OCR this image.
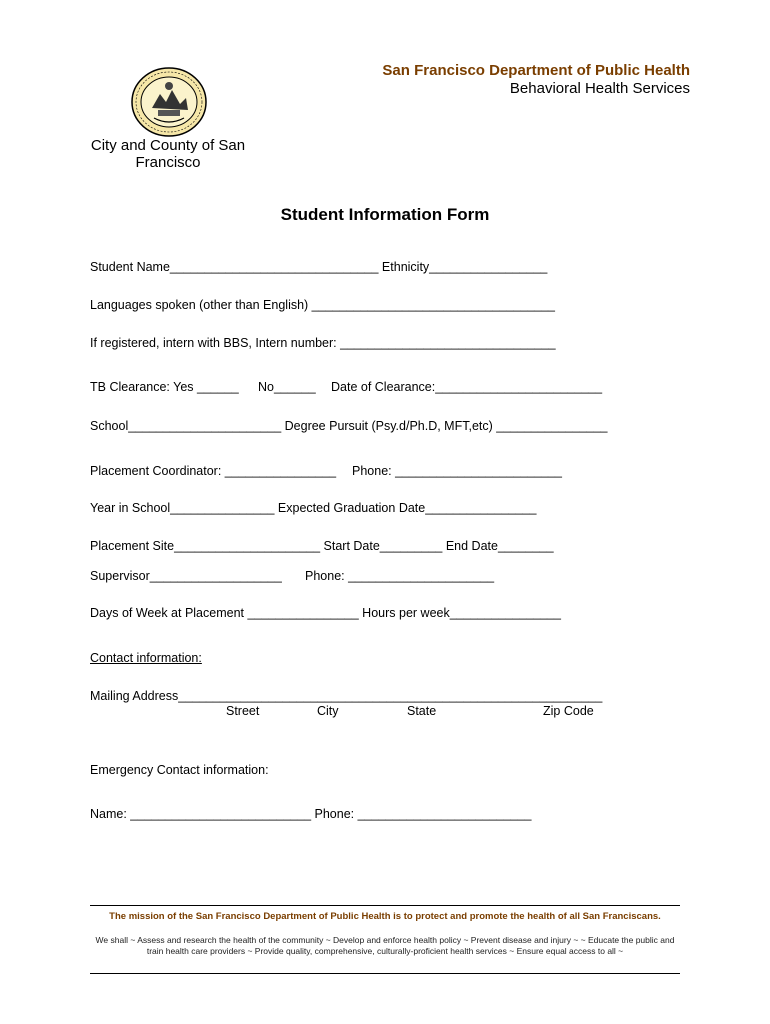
San Francisco Department of Public Health
Behavioral Health Services
City and County of San Francisco
Student Information Form
Student Name______________________________ Ethnicity_________________
Languages spoken (other than English) ___________________________________
If registered, intern with BBS, Intern number: _______________________________
TB Clearance: Yes ______ No______ Date of Clearance:________________________
School______________________ Degree Pursuit (Psy.d/Ph.D, MFT,etc) ________________
Placement Coordinator: ________________ Phone: ________________________
Year in School_______________ Expected Graduation Date________________
Placement Site_____________________ Start Date_________ End Date________
Supervisor___________________ Phone: _____________________
Days of Week at Placement ________________ Hours per week________________
Contact information:
Mailing Address_____________________________________________________________
Street	City	State	Zip Code
Emergency Contact information:
Name: __________________________ Phone: _________________________
The mission of the San Francisco Department of Public Health is to protect and promote the health of all San Franciscans.
We shall ~ Assess and research the health of the community ~ Develop and enforce health policy ~ Prevent disease and injury ~ ~ Educate the public and train health care providers ~ Provide quality, comprehensive, culturally-proficient health services ~ Ensure equal access to all ~
